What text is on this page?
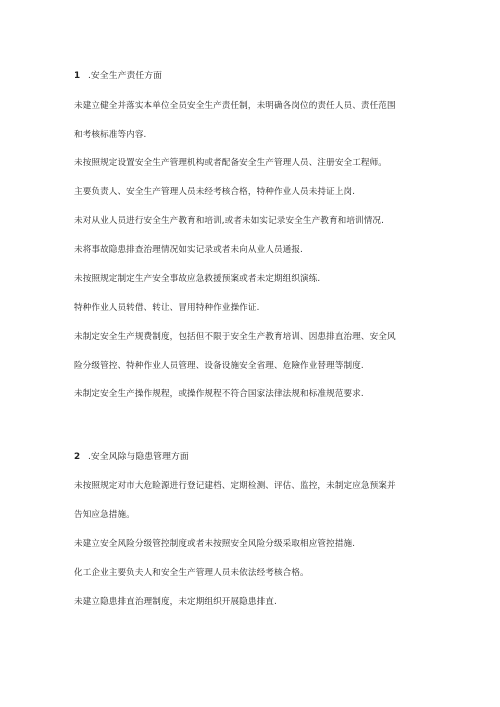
1 .安全生产责任方面
未建立健全并落实本单位全员安全生产责任制，未明确各岗位的责任人员、责任范围
和考核标准等内容.
未按照规定设置安全生产管理机构或者配备安全生产管理人员、注册安全工程师。
主要负责人、安全生产管理人员未经考核合格，特种作业人员未持证上岗.
未对从业人员进行安全生产教育和培训,或者未如实记录安全生产教育和培训情况.
未将事故隐患排查治理情况如实记录或者未向从业人员通报.
未按照规定制定生产安全事故应急救援预案或者未定期组织演练.
特种作业人员转借、转让、冒用特种作业操作证.
未制定安全生产规费制度，包括但不限于安全生产教育培训、因患排直治理、安全风
险分级管控、特种作业人员管理、设备设施安全省理、危險作业替理等制度.
未制定安全生产操作规程，或操作规程不符合国家法律法规和标准规范要求.
2 .安全风除与隐患管理方面
未按照规定对市大危睑源进行登记建档、定期检测、评估、监控，未制定应急预案并
告知应急措施。
未建立安全风险分级管控制度或者未按照安全风险分级采取相应管控措施.
化工企业主要负夫人和安全生产管理人员未依法经考核合格。
未建立隐患排直治理制度，未定期组织开展隐患排直.
